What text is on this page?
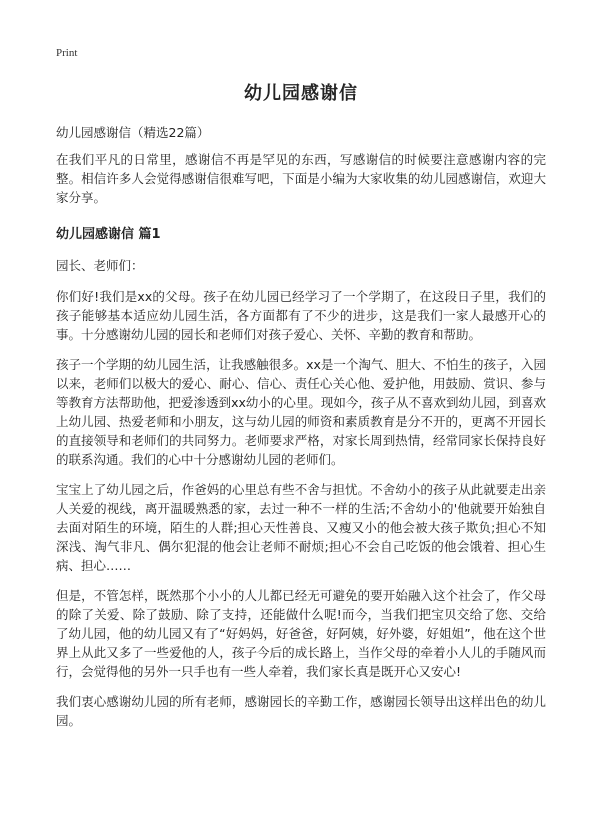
Print
幼儿园感谢信

幼儿园感谢信（精选22篇）

在我们平凡的日常里，感谢信不再是罕见的东西，写感谢信的时候要注意感谢内容的完整。相信许多人会觉得感谢信很难写吧，下面是小编为大家收集的幼儿园感谢信，欢迎大家分享。

幼儿园感谢信 篇1

园长、老师们：

你们好!我们是xx的父母。孩子在幼儿园已经学习了一个学期了，在这段日子里，我们的孩子能够基本适应幼儿园生活，各方面都有了不少的进步，这是我们一家人最感开心的事。十分感谢幼儿园的园长和老师们对孩子爱心、关怀、辛勤的教育和帮助。

孩子一个学期的幼儿园生活，让我感触很多。xx是一个淘气、胆大、不怕生的孩子，入园以来，老师们以极大的爱心、耐心、信心、责任心关心他、爱护他，用鼓励、赏识、参与等教育方法帮助他，把爱渗透到xx幼小的心里。现如今，孩子从不喜欢到幼儿园，到喜欢上幼儿园、热爱老师和小朋友，这与幼儿园的师资和素质教育是分不开的，更离不开园长的直接领导和老师们的共同努力。老师要求严格，对家长周到热情，经常同家长保持良好的联系沟通。我们的心中十分感谢幼儿园的老师们。

宝宝上了幼儿园之后，作爸妈的心里总有些不舍与担忧。不舍幼小的孩子从此就要走出亲人关爱的视线，离开温暖熟悉的家，去过一种不一样的生活;不舍幼小的'他就要开始独自去面对陌生的环境，陌生的人群;担心天性善良、又瘦又小的他会被大孩子欺负;担心不知深浅、淘气非凡、偶尔犯混的他会让老师不耐烦;担心不会自己吃饭的他会饿着、担心生病、担心……

但是，不管怎样，既然那个小小的人儿都已经无可避免的要开始融入这个社会了，作父母的除了关爱、除了鼓励、除了支持，还能做什么呢!而今，当我们把宝贝交给了您、交给了幼儿园，他的幼儿园又有了“好妈妈，好爸爸，好阿姨，好外婆，好姐姐”，他在这个世界上从此又多了一些爱他的人，孩子今后的成长路上，当作父母的牵着小人儿的手随风而行，会觉得他的另外一只手也有一些人牵着，我们家长真是既开心又安心!

我们衷心感谢幼儿园的所有老师，感谢园长的辛勤工作，感谢园长领导出这样出色的幼儿园。
